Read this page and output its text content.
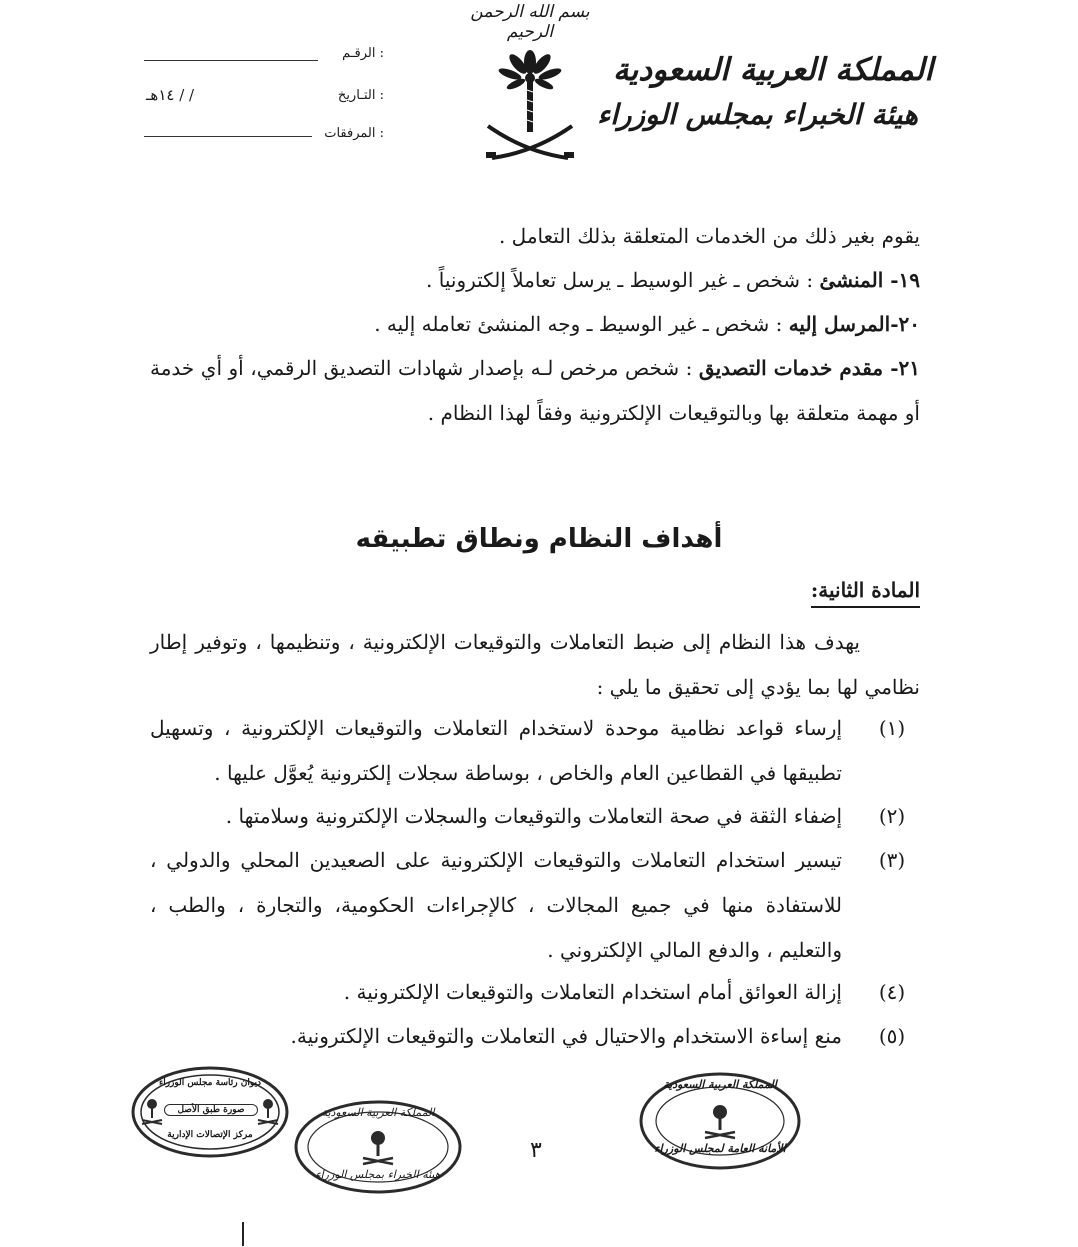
بسم الله الرحمن الرحيم
المملكة العربية السعودية
هيئة الخبراء بمجلس الوزراء
الرقـم :
التـاريخ :
/ / ١٤هـ
المرفقات :
يقوم بغير ذلك من الخدمات المتعلقة بذلك التعامل .
١٩- المنشئ : شخص ـ غير الوسيط ـ يرسل تعاملاً إلكترونياً .
٢٠-المرسل إليه : شخص ـ غير الوسيط ـ وجه المنشئ تعامله إليه .
٢١- مقدم خدمات التصديق : شخص مرخص لـه بإصدار شهادات التصديق الرقمي، أو أي خدمة أو مهمة متعلقة بها وبالتوقيعات الإلكترونية وفقاً لهذا النظام .
أهداف النظام ونطاق تطبيقه
المادة الثانية:
يهدف هذا النظام إلى ضبط التعاملات والتوقيعات الإلكترونية ، وتنظيمها ، وتوفير إطار نظامي لها بما يؤدي إلى تحقيق ما يلي :
(١)
إرساء قواعد نظامية موحدة لاستخدام التعاملات والتوقيعات الإلكترونية ، وتسهيل تطبيقها في القطاعين العام والخاص ، بوساطة سجلات إلكترونية يُعوَّل عليها .
(٢)
إضفاء الثقة في صحة التعاملات والتوقيعات والسجلات الإلكترونية وسلامتها .
(٣)
تيسير استخدام التعاملات والتوقيعات الإلكترونية على الصعيدين المحلي والدولي ، للاستفادة منها في جميع المجالات ، كالإجراءات الحكومية، والتجارة ، والطب ، والتعليم ، والدفع المالي الإلكتروني .
(٤)
إزالة العوائق أمام استخدام التعاملات والتوقيعات الإلكترونية .
(٥)
منع إساءة الاستخدام والاحتيال في التعاملات والتوقيعات الإلكترونية.
٣
ديوان رئاسة مجلس الوزراء
صورة طبق الأصل
مركز الإتصالات الإدارية
المملكة العربية السعودية
هيئة الخبراء بمجلس الوزراء
المملكة العربية السعودية
الأمانة العامة لمجلس الوزراء
